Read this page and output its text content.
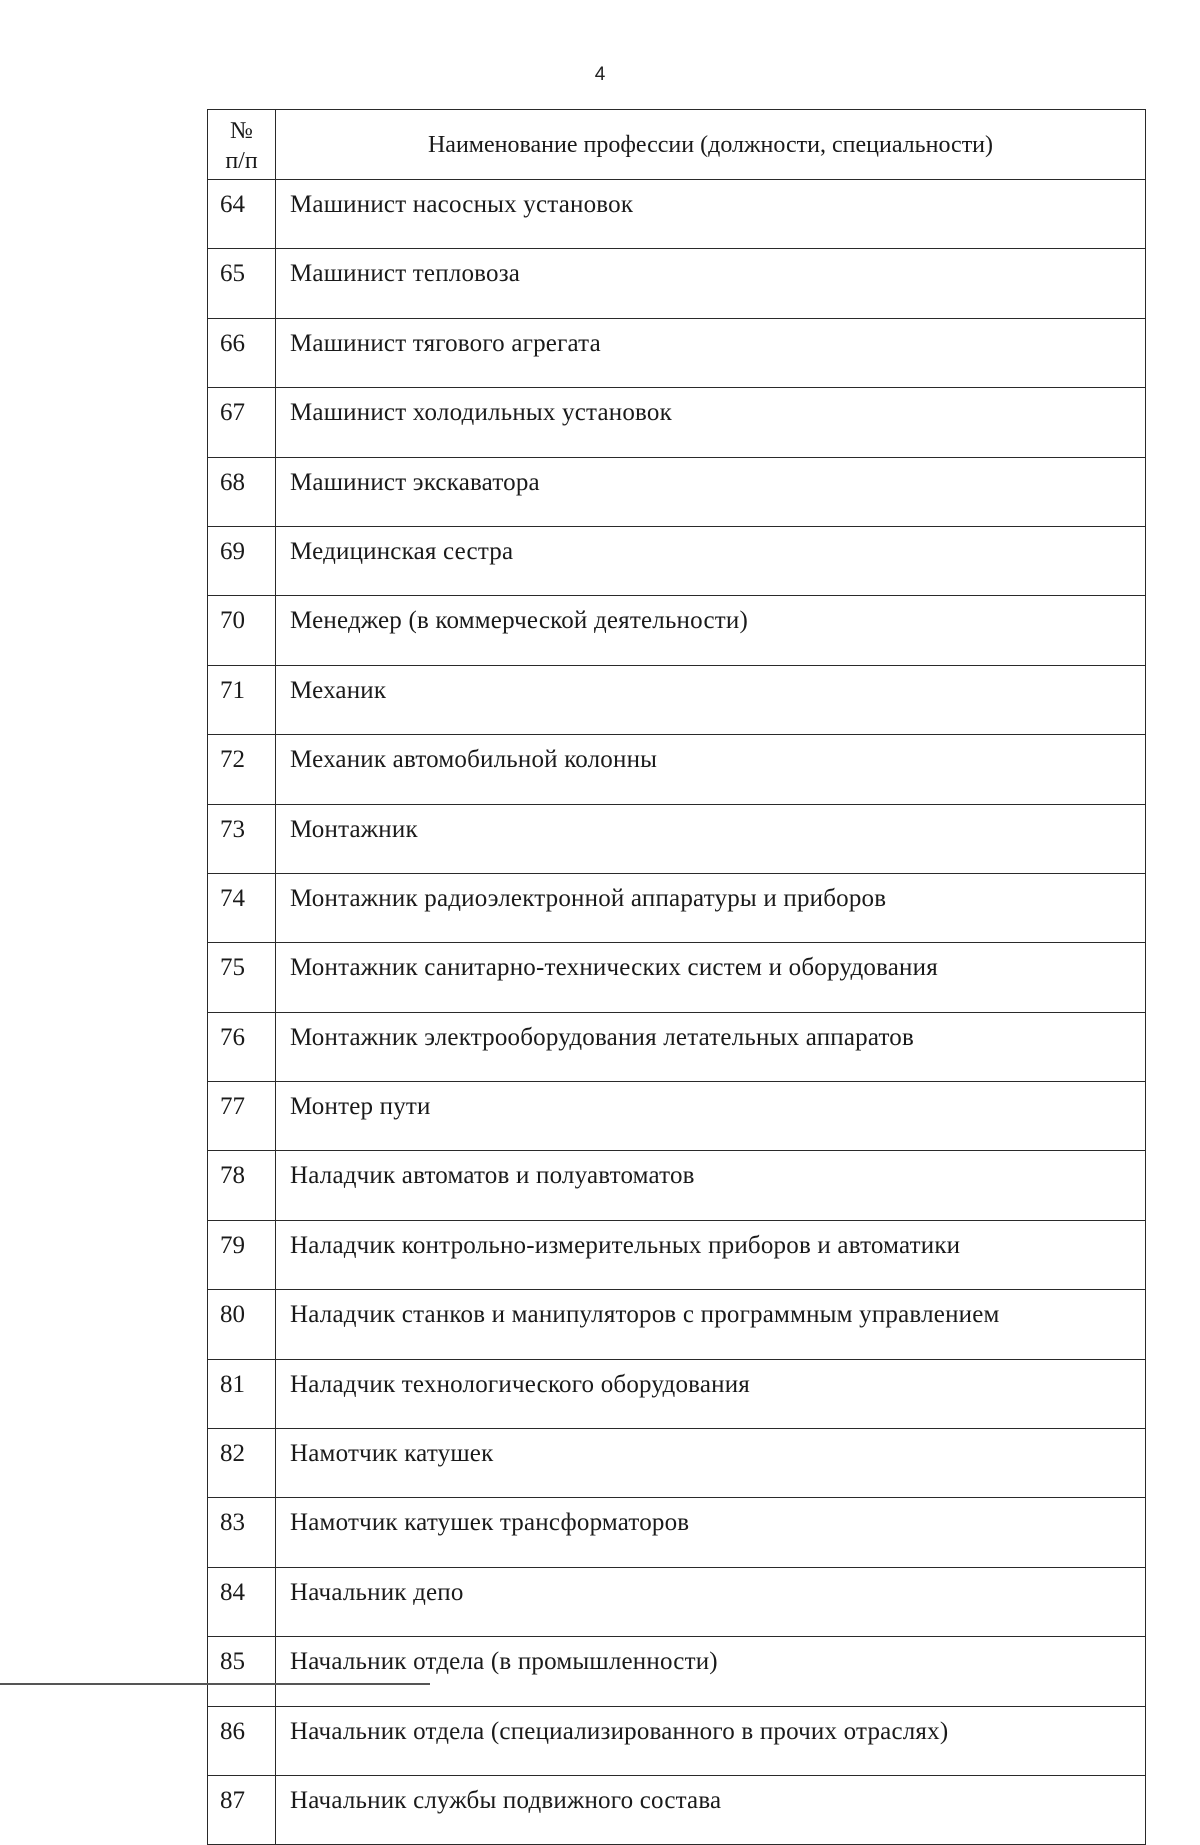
4
№
п/п	Наименование профессии (должности, специальности)
64	Машинист насосных установок
65	Машинист тепловоза
66	Машинист тягового агрегата
67	Машинист холодильных установок
68	Машинист экскаватора
69	Медицинская сестра
70	Менеджер (в коммерческой деятельности)
71	Механик
72	Механик автомобильной колонны
73	Монтажник
74	Монтажник радиоэлектронной аппаратуры и приборов
75	Монтажник санитарно-технических систем и оборудования
76	Монтажник электрооборудования летательных аппаратов
77	Монтер пути
78	Наладчик автоматов и полуавтоматов
79	Наладчик контрольно-измерительных приборов и автоматики
80	Наладчик станков и манипуляторов с программным управлением
81	Наладчик технологического оборудования
82	Намотчик катушек
83	Намотчик катушек трансформаторов
84	Начальник депо
85	Начальник отдела (в промышленности)
86	Начальник отдела (специализированного в прочих отраслях)
87	Начальник службы подвижного состава
